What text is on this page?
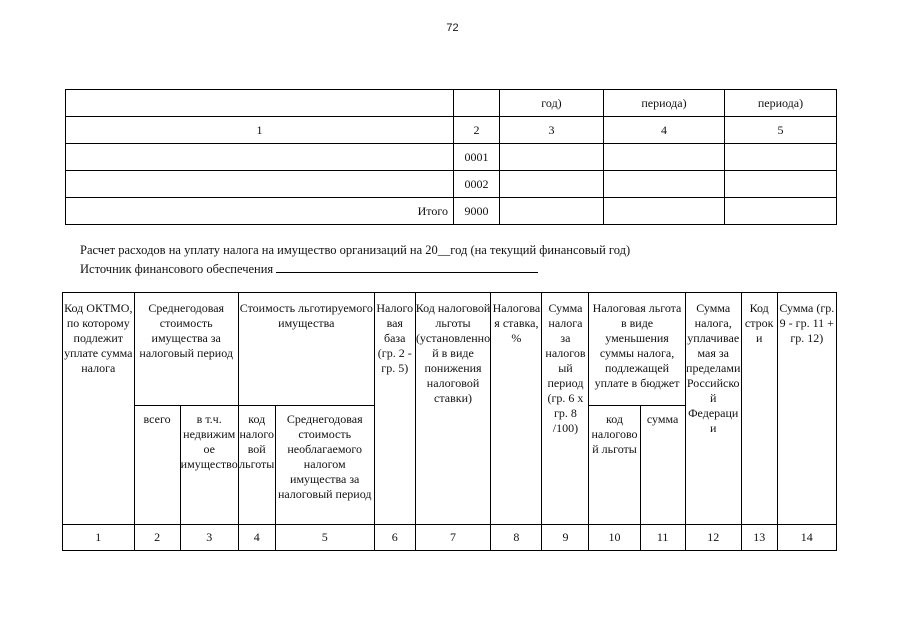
72
		год)	периода)	периода)
1	2	3	4	5
	0001			
	0002			
Итого	9000			
Расчет расходов на уплату налога на имущество организаций на 20__год (на текущий финансовый год)
Источник финансового обеспечения
Код ОКТМО, по которому подлежит уплате сумма налога	Среднегодовая стоимость имущества за налоговый период		Стоимость льготируемого имущества		Налоговая база (гр. 2 - гр. 5)	Код налоговой льготы (установленной в виде понижения налоговой ставки)	Налоговая ставка, %	Сумма налога за налоговый период (гр. 6 х гр. 8 /100)	Налоговая льгота в виде уменьшения суммы налога, подлежащей уплате в бюджет		Сумма налога, уплачиваемая за пределами Российской Федерации	Код строки	Сумма (гр. 9 - гр. 11 + гр. 12)
	всего	в т.ч. недвижимое имущество	код налоговой льготы	Среднегодовая стоимость необлагаемого налогом имущества за налоговый период					код налоговой льготы	сумма			
1	2	3	4	5	6	7	8	9	10	11	12	13	14
